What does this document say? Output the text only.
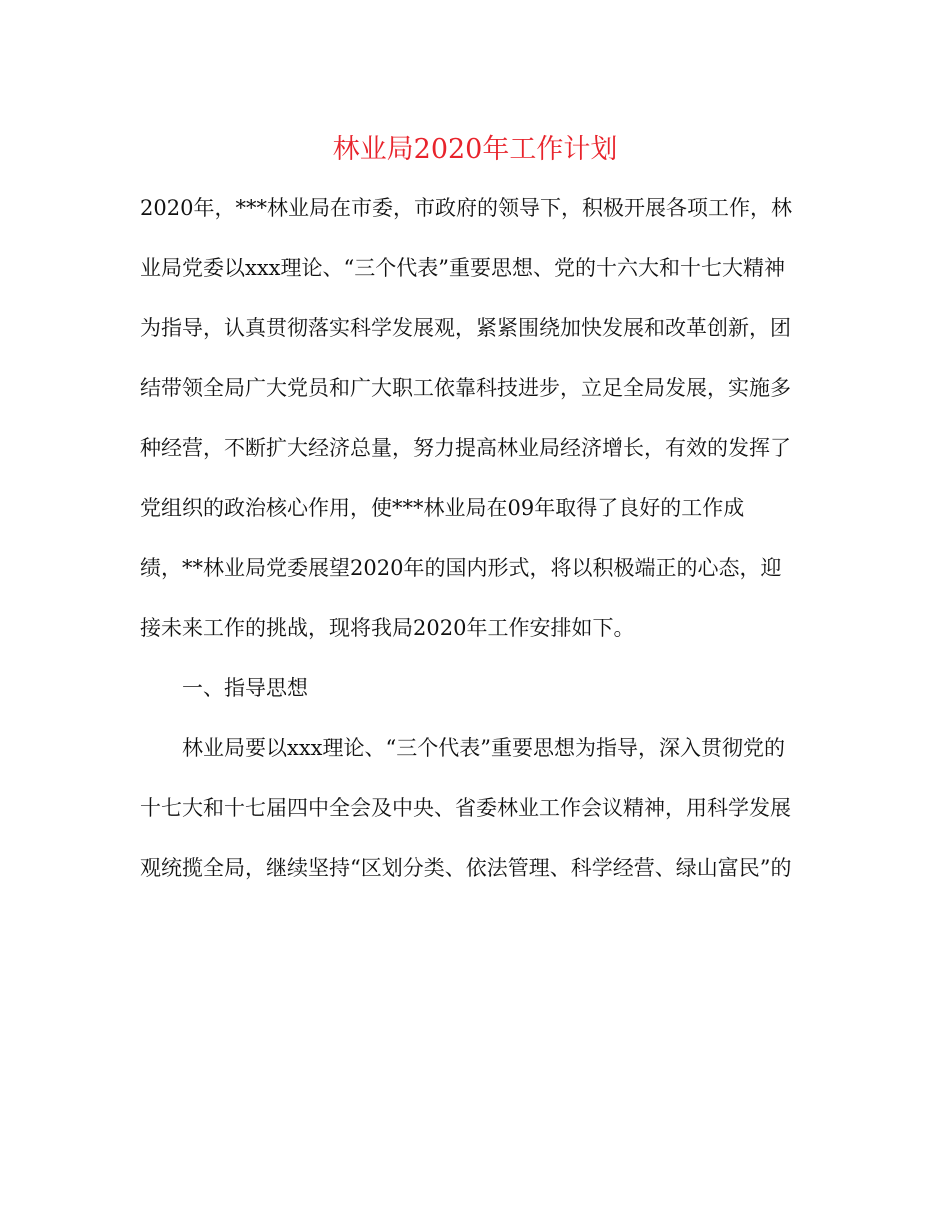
林业局2020年工作计划
2020年，***林业局在市委，市政府的领导下，积极开展各项工作，林
业局党委以xxx理论、“三个代表”重要思想、党的十六大和十七大精神
为指导，认真贯彻落实科学发展观，紧紧围绕加快发展和改革创新，团
结带领全局广大党员和广大职工依靠科技进步，立足全局发展，实施多
种经营，不断扩大经济总量，努力提高林业局经济增长，有效的发挥了
党组织的政治核心作用，使***林业局在09年取得了良好的工作成
绩，**林业局党委展望2020年的国内形式，将以积极端正的心态，迎
接未来工作的挑战，现将我局2020年工作安排如下。
一、指导思想
林业局要以xxx理论、“三个代表”重要思想为指导，深入贯彻党的
十七大和十七届四中全会及中央、省委林业工作会议精神，用科学发展
观统揽全局，继续坚持“区划分类、依法管理、科学经营、绿山富民”的
